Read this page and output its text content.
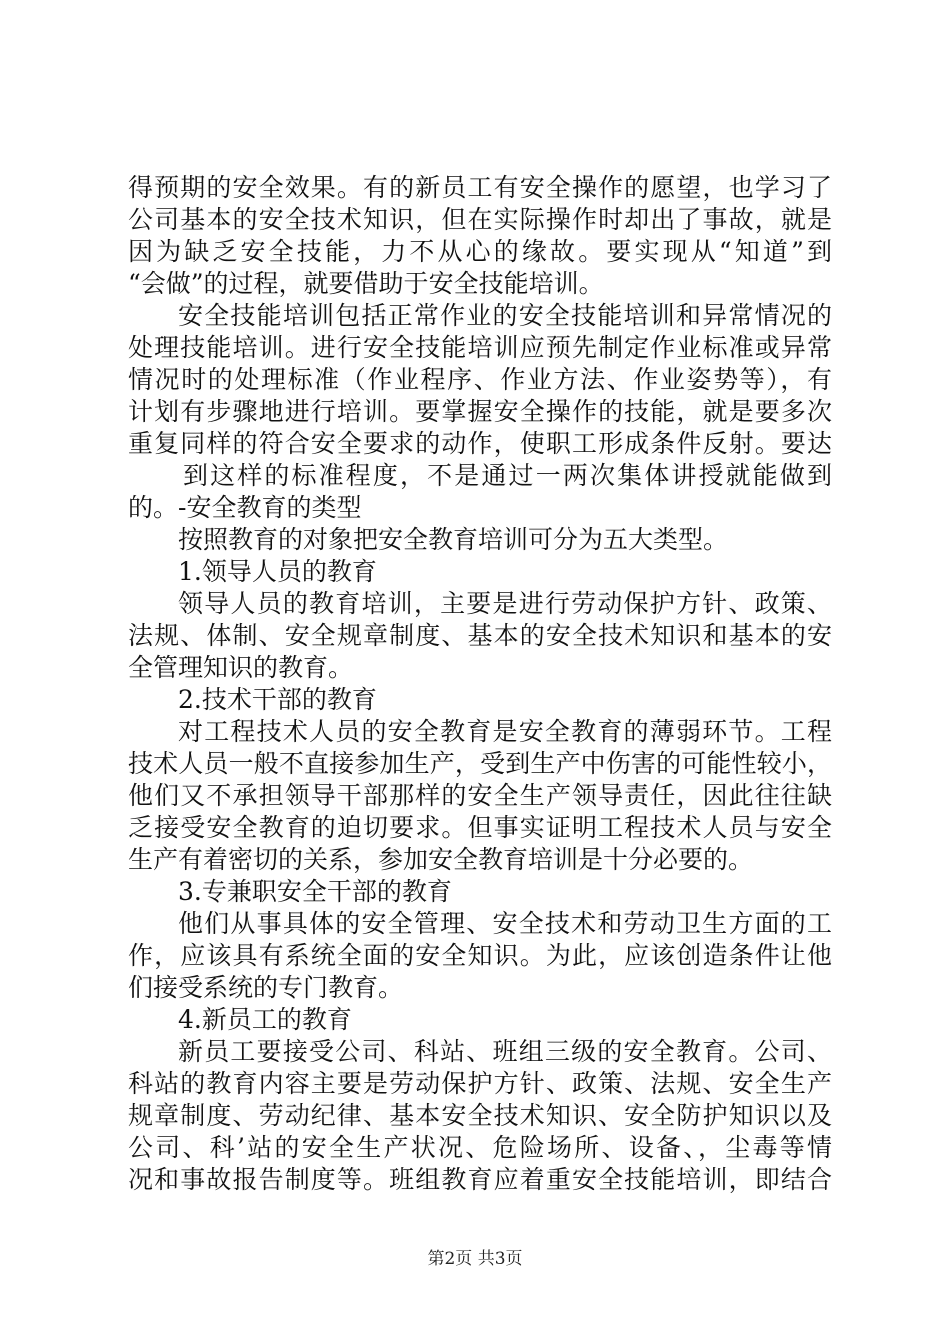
得预期的安全效果。有的新员工有安全操作的愿望，也学习了
公司基本的安全技术知识，但在实际操作时却出了事故，就是
因为缺乏安全技能，力不从心的缘故。要实现从“知道”到
“会做”的过程，就要借助于安全技能培训。
安全技能培训包括正常作业的安全技能培训和异常情况的
处理技能培训。进行安全技能培训应预先制定作业标准或异常
情况时的处理标准（作业程序、作业方法、作业姿势等），有
计划有步骤地进行培训。要掌握安全操作的技能，就是要多次
重复同样的符合安全要求的动作，使职工形成条件反射。要达
到这样的标准程度，不是通过一两次集体讲授就能做到
的。-安全教育的类型
按照教育的对象把安全教育培训可分为五大类型。
1.领导人员的教育
领导人员的教育培训，主要是进行劳动保护方针、政策、
法规、体制、安全规章制度、基本的安全技术知识和基本的安
全管理知识的教育。
2.技术干部的教育
对工程技术人员的安全教育是安全教育的薄弱环节。工程
技术人员一般不直接参加生产，受到生产中伤害的可能性较小，
他们又不承担领导干部那样的安全生产领导责任，因此往往缺
乏接受安全教育的迫切要求。但事实证明工程技术人员与安全
生产有着密切的关系，参加安全教育培训是十分必要的。
3.专兼职安全干部的教育
他们从事具体的安全管理、安全技术和劳动卫生方面的工
作，应该具有系统全面的安全知识。为此，应该创造条件让他
们接受系统的专门教育。
4.新员工的教育
新员工要接受公司、科站、班组三级的安全教育。公司、
科站的教育内容主要是劳动保护方针、政策、法规、安全生产
规章制度、劳动纪律、基本安全技术知识、安全防护知识以及
公司、科’站的安全生产状况、危险场所、设备、，尘毒等情
况和事故报告制度等。班组教育应着重安全技能培训，即结合
第2页 共3页
